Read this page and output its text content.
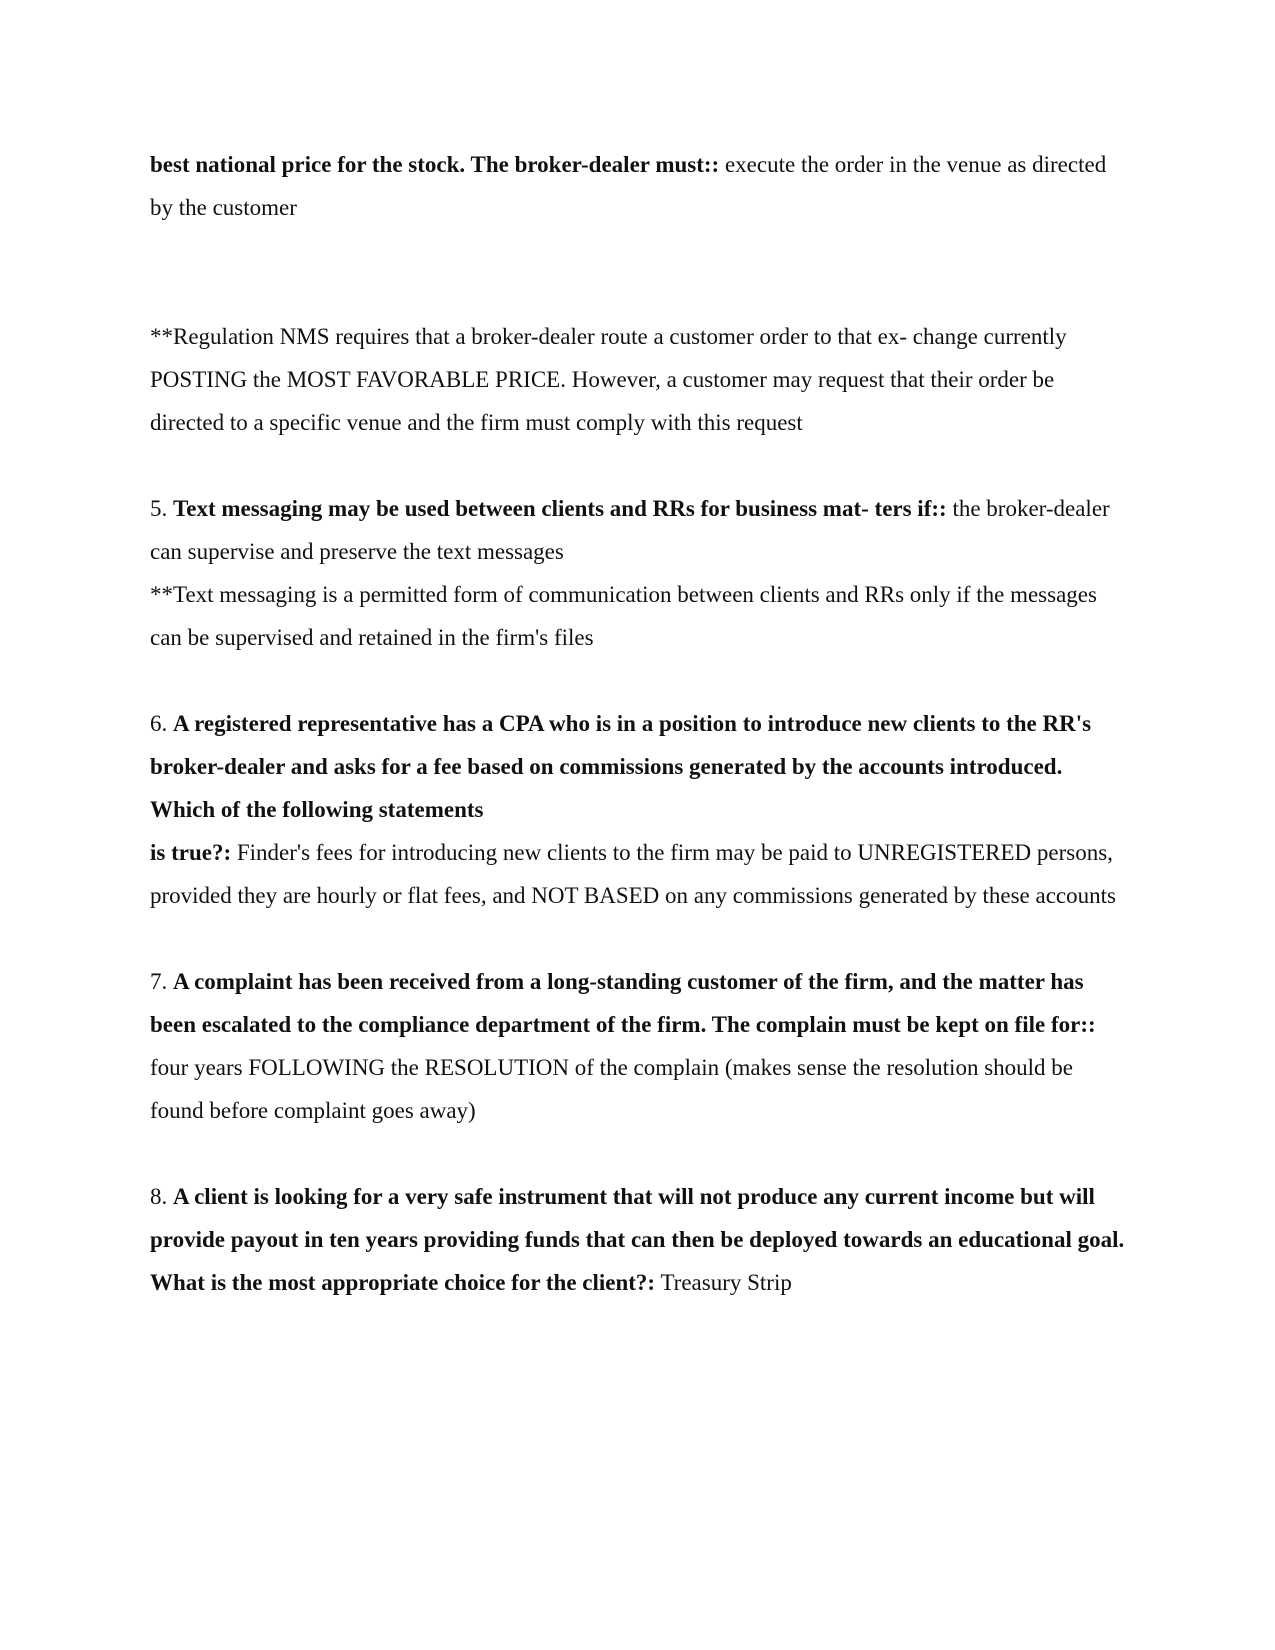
best national price for the stock. The broker-dealer must:: execute the order in the venue as directed by the customer

**Regulation NMS requires that a broker-dealer route a customer order to that ex- change currently POSTING the MOST FAVORABLE PRICE. However, a customer may request that their order be directed to a specific venue and the firm must comply with this request

5. Text messaging may be used between clients and RRs for business mat- ters if:: the broker-dealer can supervise and preserve the text messages

**Text messaging is a permitted form of communication between clients and RRs only if the messages can be supervised and retained in the firm's files

6. A registered representative has a CPA who is in a position to introduce new clients to the RR's broker-dealer and asks for a fee based on commissions generated by the accounts introduced. Which of the following statements

is true?: Finder's fees for introducing new clients to the firm may be paid to UNREGISTERED persons, provided they are hourly or flat fees, and NOT BASED on any commissions generated by these accounts

7. A complaint has been received from a long-standing customer of the firm, and the matter has been escalated to the compliance department of the firm. The complain must be kept on file for:: four years FOLLOWING the RESOLUTION of the complain (makes sense the resolution should be found before complaint goes away)

8. A client is looking for a very safe instrument that will not produce any current income but will provide payout in ten years providing funds that can then be deployed towards an educational goal. What is the most appropriate choice for the client?: Treasury Strip
